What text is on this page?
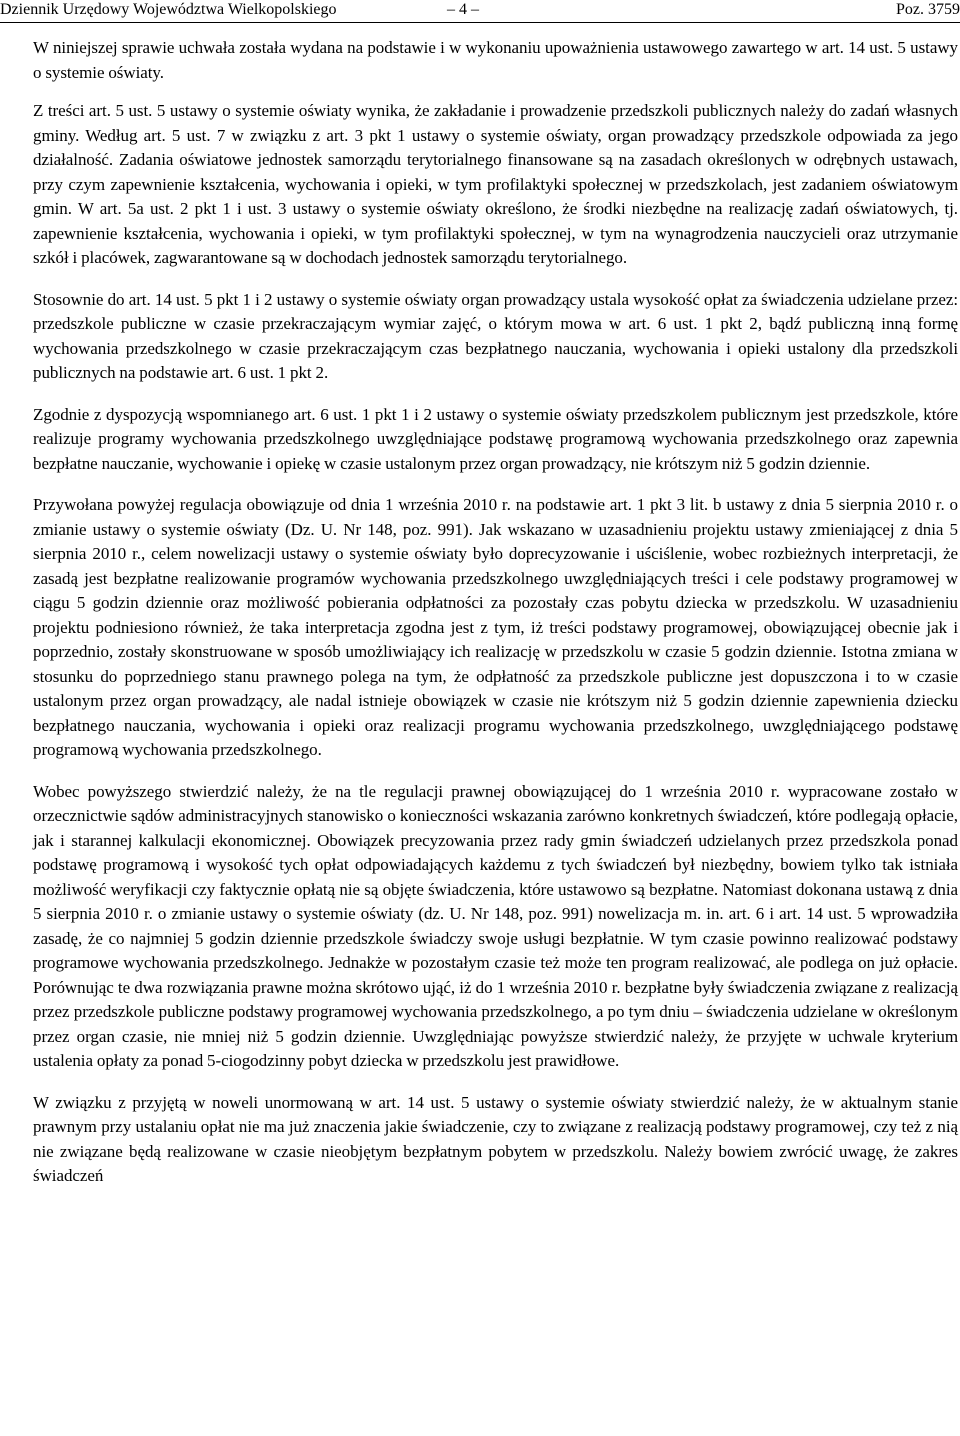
Dziennik Urzędowy Województwa Wielkopolskiego	– 4 –	Poz. 3759

W niniejszej sprawie uchwała została wydana na podstawie i w wykonaniu upoważnienia ustawowego zawartego w art. 14 ust. 5 ustawy o systemie oświaty.

Z treści art. 5 ust. 5 ustawy o systemie oświaty wynika, że zakładanie i prowadzenie przedszkoli publicznych należy do zadań własnych gminy. Według art. 5 ust. 7 w związku z art. 3 pkt 1 ustawy o systemie oświaty, organ prowadzący przedszkole odpowiada za jego działalność. Zadania oświatowe jednostek samorządu terytorialnego finansowane są na zasadach określonych w odrębnych ustawach, przy czym zapewnienie kształcenia, wychowania i opieki, w tym profilaktyki społecznej w przedszkolach, jest zadaniem oświatowym gmin. W art. 5a ust. 2 pkt 1 i ust. 3 ustawy o systemie oświaty określono, że środki niezbędne na realizację zadań oświatowych, tj. zapewnienie kształcenia, wychowania i opieki, w tym profilaktyki społecznej, w tym na wynagrodzenia nauczycieli oraz utrzymanie szkół i placówek, zagwarantowane są w dochodach jednostek samorządu terytorialnego.

Stosownie do art. 14 ust. 5 pkt 1 i 2 ustawy o systemie oświaty organ prowadzący ustala wysokość opłat za świadczenia udzielane przez: przedszkole publiczne w czasie przekraczającym wymiar zajęć, o którym mowa w art. 6 ust. 1 pkt 2, bądź publiczną inną formę wychowania przedszkolnego w czasie przekraczającym czas bezpłatnego nauczania, wychowania i opieki ustalony dla przedszkoli publicznych na podstawie art. 6 ust. 1 pkt 2.

Zgodnie z dyspozycją wspomnianego art. 6 ust. 1 pkt 1 i 2 ustawy o systemie oświaty przedszkolem publicznym jest przedszkole, które realizuje programy wychowania przedszkolnego uwzględniające podstawę programową wychowania przedszkolnego oraz zapewnia bezpłatne nauczanie, wychowanie i opiekę w czasie ustalonym przez organ prowadzący, nie krótszym niż 5 godzin dziennie.

Przywołana powyżej regulacja obowiązuje od dnia 1 września 2010 r. na podstawie art. 1 pkt 3 lit. b ustawy z dnia 5 sierpnia 2010 r. o zmianie ustawy o systemie oświaty (Dz. U. Nr 148, poz. 991). Jak wskazano w uzasadnieniu projektu ustawy zmieniającej z dnia 5 sierpnia 2010 r., celem nowelizacji ustawy o systemie oświaty było doprecyzowanie i uściślenie, wobec rozbieżnych interpretacji, że zasadą jest bezpłatne realizowanie programów wychowania przedszkolnego uwzględniających treści i cele podstawy programowej w ciągu 5 godzin dziennie oraz możliwość pobierania odpłatności za pozostały czas pobytu dziecka w przedszkolu. W uzasadnieniu projektu podniesiono również, że taka interpretacja zgodna jest z tym, iż treści podstawy programowej, obowiązującej obecnie jak i poprzednio, zostały skonstruowane w sposób umożliwiający ich realizację w przedszkolu w czasie 5 godzin dziennie. Istotna zmiana w stosunku do poprzedniego stanu prawnego polega na tym, że odpłatność za przedszkole publiczne jest dopuszczona i to w czasie ustalonym przez organ prowadzący, ale nadal istnieje obowiązek w czasie nie krótszym niż 5 godzin dziennie zapewnienia dziecku bezpłatnego nauczania, wychowania i opieki oraz realizacji programu wychowania przedszkolnego, uwzględniającego podstawę programową wychowania przedszkolnego.

Wobec powyższego stwierdzić należy, że na tle regulacji prawnej obowiązującej do 1 września 2010 r. wypracowane zostało w orzecznictwie sądów administracyjnych stanowisko o konieczności wskazania zarówno konkretnych świadczeń, które podlegają opłacie, jak i starannej kalkulacji ekonomicznej. Obowiązek precyzowania przez rady gmin świadczeń udzielanych przez przedszkola ponad podstawę programową i wysokość tych opłat odpowiadających każdemu z tych świadczeń był niezbędny, bowiem tylko tak istniała możliwość weryfikacji czy faktycznie opłatą nie są objęte świadczenia, które ustawowo są bezpłatne. Natomiast dokonana ustawą z dnia 5 sierpnia 2010 r. o zmianie ustawy o systemie oświaty (dz. U. Nr 148, poz. 991) nowelizacja m. in. art. 6 i art. 14 ust. 5 wprowadziła zasadę, że co najmniej 5 godzin dziennie przedszkole świadczy swoje usługi bezpłatnie. W tym czasie powinno realizować podstawy programowe wychowania przedszkolnego. Jednakże w pozostałym czasie też może ten program realizować, ale podlega on już opłacie. Porównując te dwa rozwiązania prawne można skrótowo ująć, iż do 1 września 2010 r. bezpłatne były świadczenia związane z realizacją przez przedszkole publiczne podstawy programowej wychowania przedszkolnego, a po tym dniu – świadczenia udzielane w określonym przez organ czasie, nie mniej niż 5 godzin dziennie. Uwzględniając powyższe stwierdzić należy, że przyjęte w uchwale kryterium ustalenia opłaty za ponad 5-ciogodzinny pobyt dziecka w przedszkolu jest prawidłowe.

W związku z przyjętą w noweli unormowaną w art. 14 ust. 5 ustawy o systemie oświaty stwierdzić należy, że w aktualnym stanie prawnym przy ustalaniu opłat nie ma już znaczenia jakie świadczenie, czy to związane z realizacją podstawy programowej, czy też z nią nie związane będą realizowane w czasie nieobjętym bezpłatnym pobytem w przedszkolu. Należy bowiem zwrócić uwagę, że zakres świadczeń
